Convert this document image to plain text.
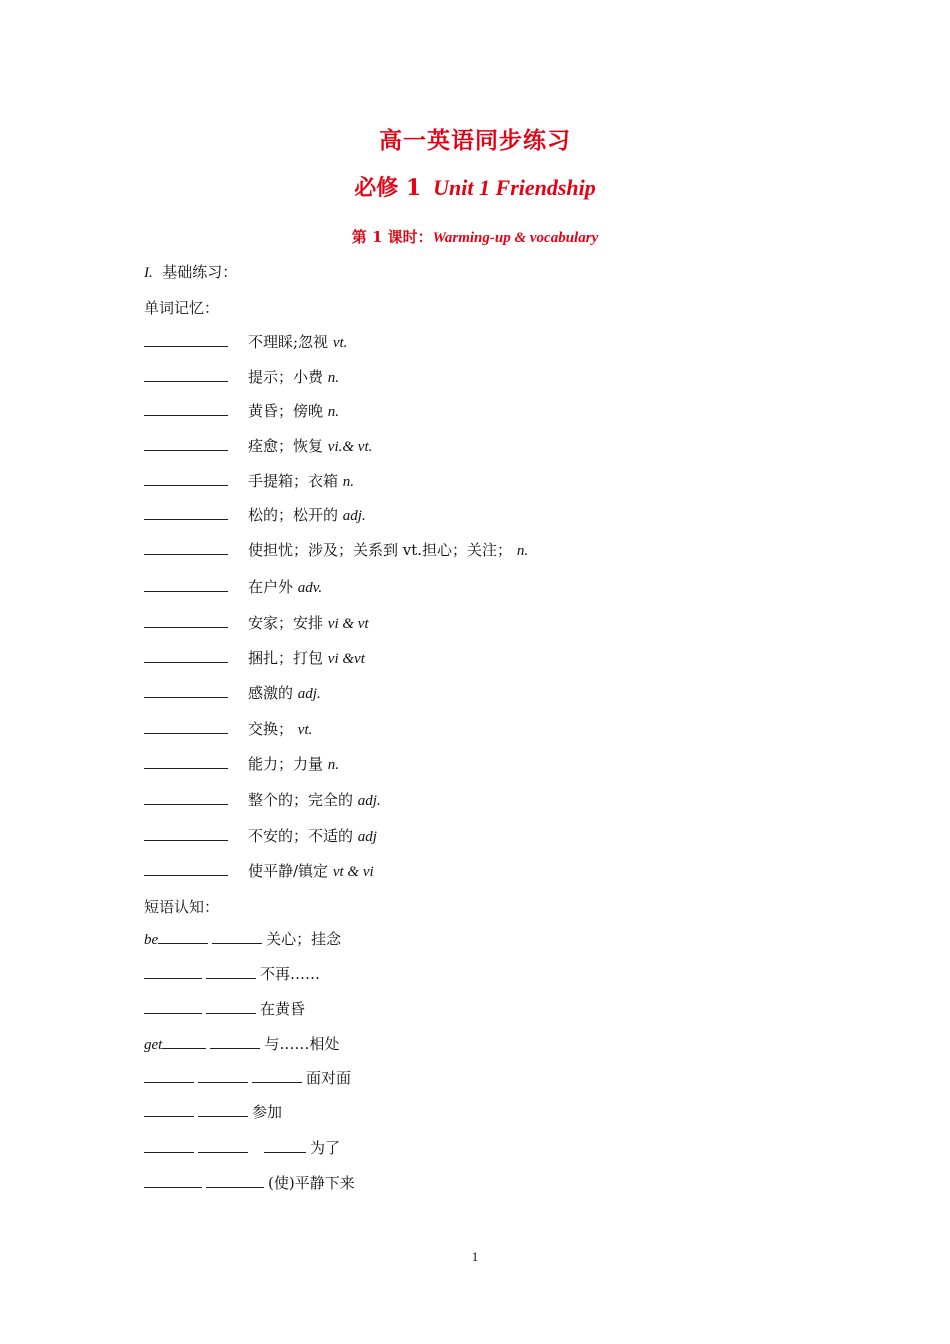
高一英语同步练习
必修 1 Unit 1 Friendship
第 1 课时：Warming-up & vocabulary
I. 基础练习：
单词记忆：
不理睬;忽视 vt.
提示；小费 n.
黄昏；傍晚 n.
痊愈；恢复 vi.& vt.
手提箱；衣箱 n.
松的；松开的 adj.
使担忧；涉及；关系到 vt.担心；关注； n.
在户外 adv.
安家；安排 vi & vt
捆扎；打包 vi &vt
感激的 adj.
交换； vt.
能力；力量 n.
整个的；完全的 adj.
不安的；不适的 adj
使平静/镇定 vt & vi
短语认知：
be	关心；挂念
不再……
在黄昏
get	与……相处
面对面
参加
为了
(使)平静下来
1
